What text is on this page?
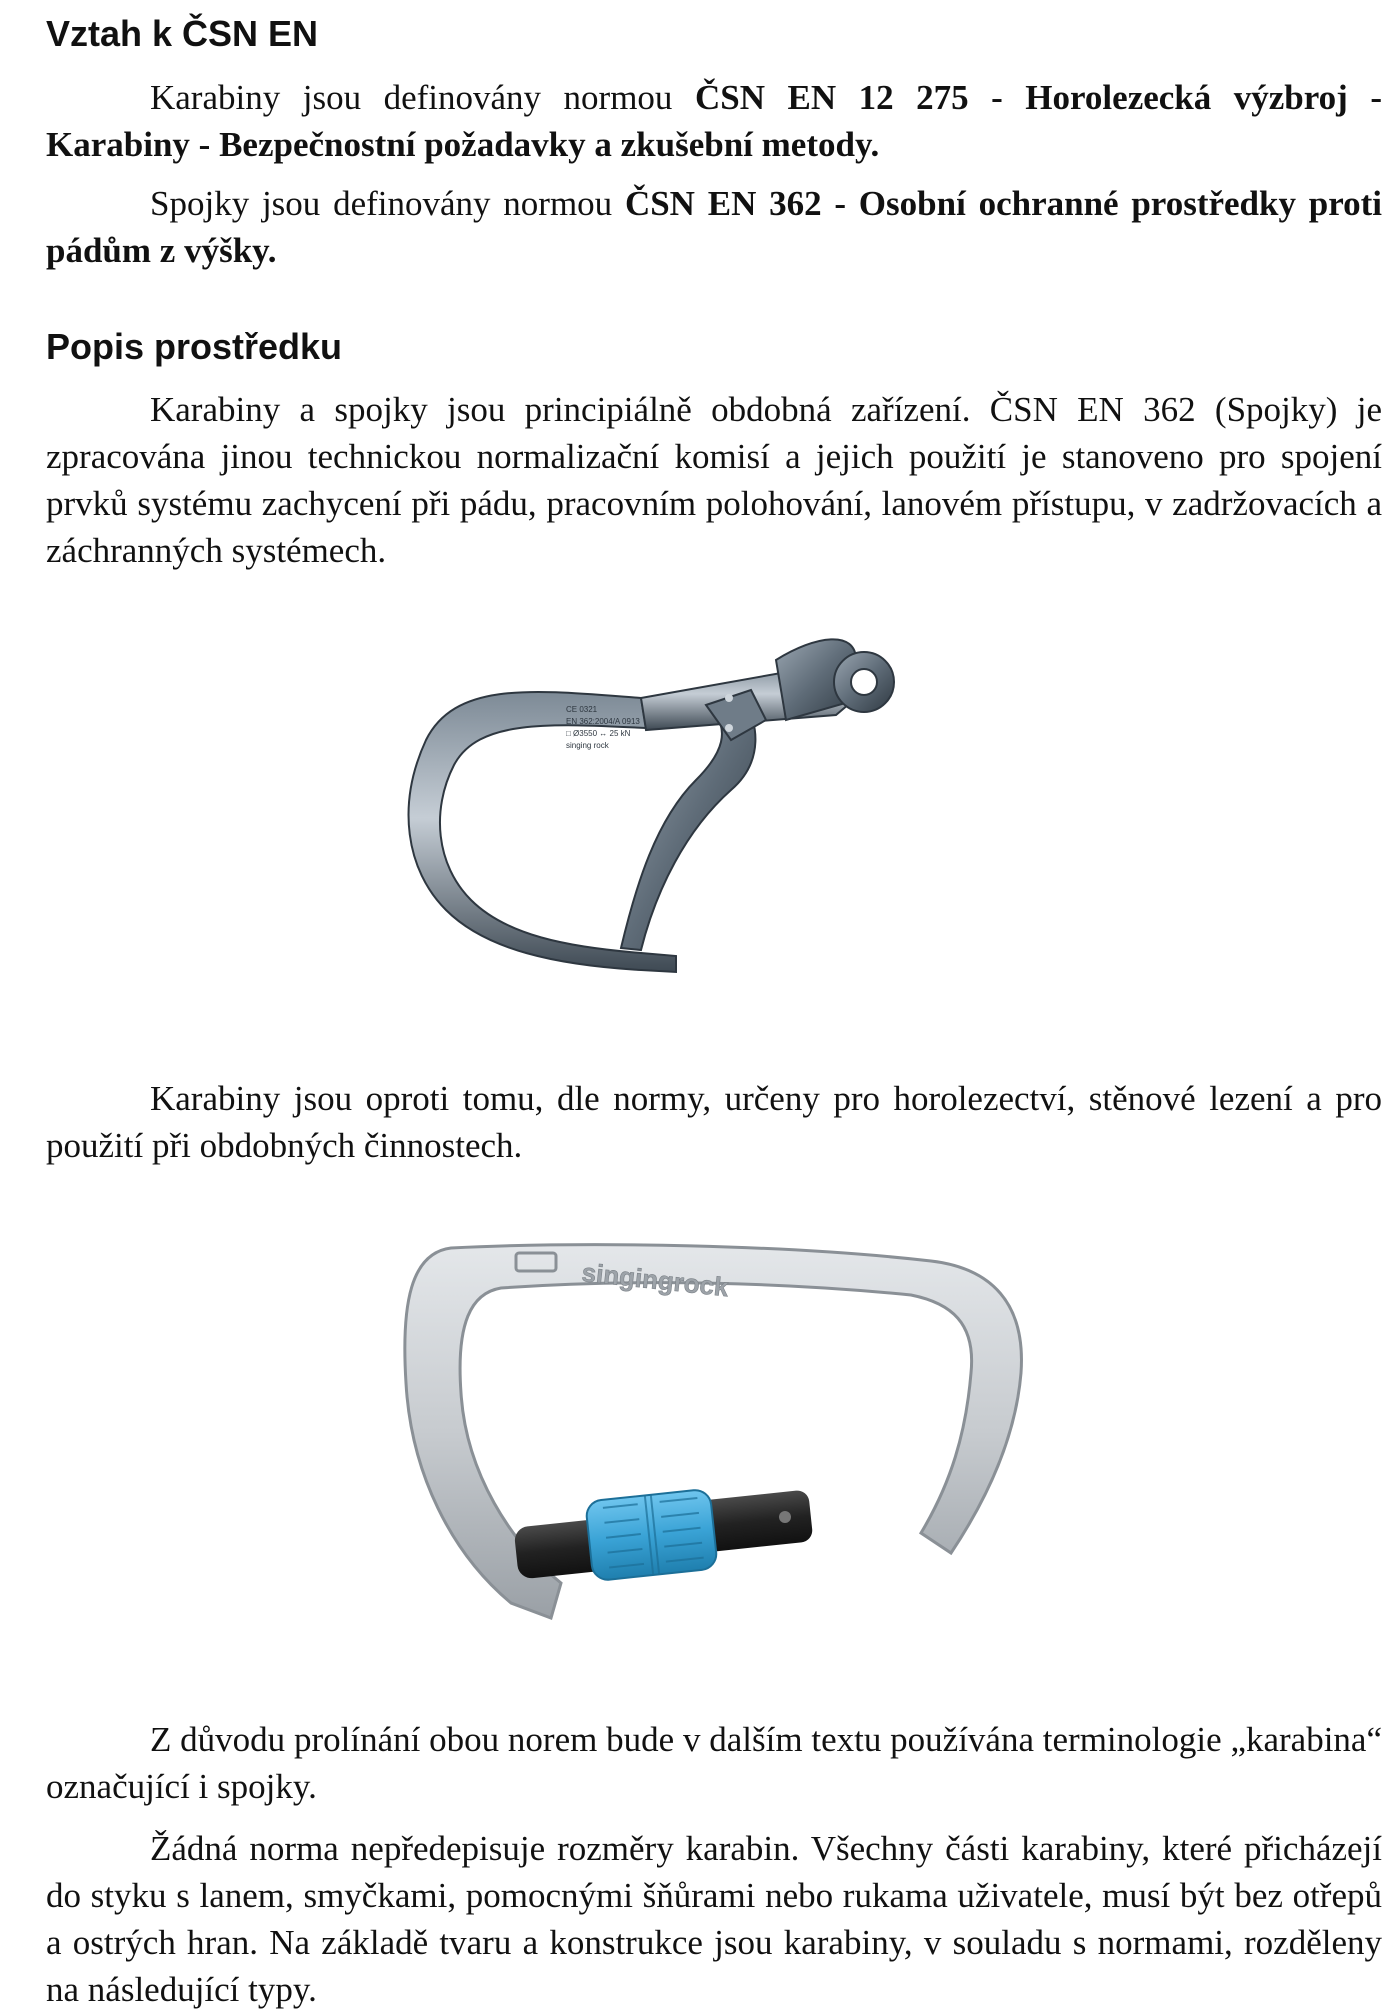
Vztah k ČSN EN

Karabiny jsou definovány normou ČSN EN 12 275 - Horolezecká výzbroj - Karabiny - Bezpečnostní požadavky a zkušební metody.

Spojky jsou definovány normou ČSN EN 362 - Osobní ochranné prostředky proti pádům z výšky.

Popis prostředku

Karabiny a spojky jsou principiálně obdobná zařízení. ČSN EN 362 (Spojky) je zpracována jinou technickou normalizační komisí a jejich použití je stanoveno pro spojení prvků systému zachycení při pádu, pracovním polohování, lanovém přístupu, v zadržovacích a záchranných systémech.

CE 0321
EN 362:2004/A 0913
□ Ø3550 ↔ 25 kN
singing rock

Karabiny jsou oproti tomu, dle normy, určeny pro horolezectví, stěnové lezení a pro použití při obdobných činnostech.

singingrock

Z důvodu prolínání obou norem bude v dalším textu používána terminologie „karabina“ označující i spojky.

Žádná norma nepředepisuje rozměry karabin. Všechny části karabiny, které přicházejí do styku s lanem, smyčkami, pomocnými šňůrami nebo rukama uživatele, musí být bez otřepů a ostrých hran. Na základě tvaru a konstrukce jsou karabiny, v souladu s normami, rozděleny na následující typy.
